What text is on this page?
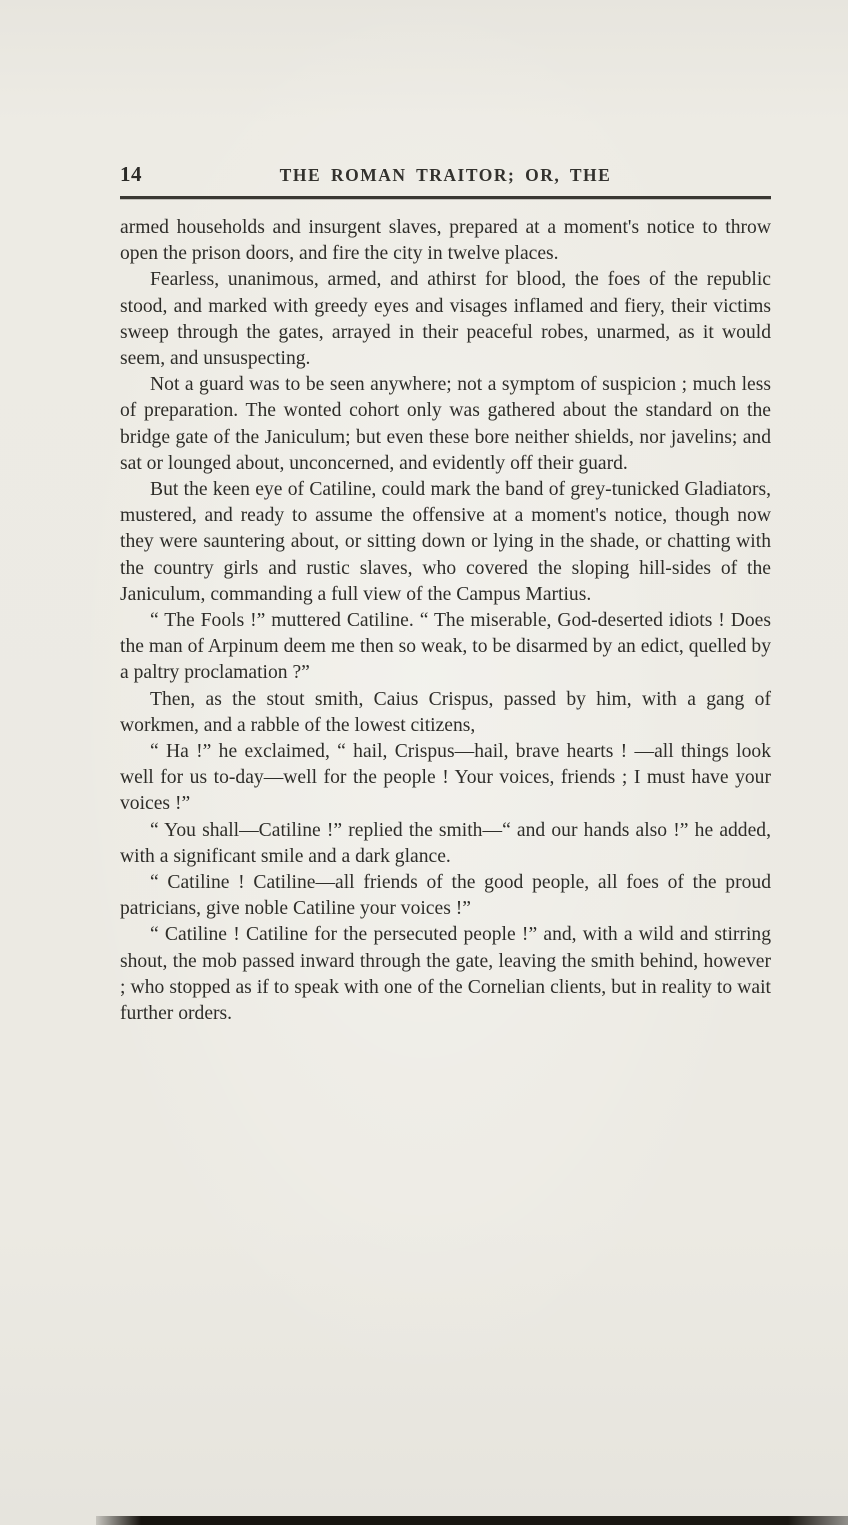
14	THE ROMAN TRAITOR; OR, THE

armed households and insurgent slaves, prepared at a moment's notice to throw open the prison doors, and fire the city in twelve places.

Fearless, unanimous, armed, and athirst for blood, the foes of the republic stood, and marked with greedy eyes and visages inflamed and fiery, their victims sweep through the gates, arrayed in their peaceful robes, unarmed, as it would seem, and unsuspecting.

Not a guard was to be seen anywhere; not a symptom of suspicion ; much less of preparation. The wonted cohort only was gathered about the standard on the bridge gate of the Janiculum; but even these bore neither shields, nor javelins; and sat or lounged about, unconcerned, and evidently off their guard.

But the keen eye of Catiline, could mark the band of grey-tunicked Gladiators, mustered, and ready to assume the offensive at a moment's notice, though now they were sauntering about, or sitting down or lying in the shade, or chatting with the country girls and rustic slaves, who covered the sloping hill-sides of the Janiculum, commanding a full view of the Campus Martius.

“ The Fools !” muttered Catiline. “ The miserable, God-deserted idiots ! Does the man of Arpinum deem me then so weak, to be disarmed by an edict, quelled by a paltry proclamation ?”

Then, as the stout smith, Caius Crispus, passed by him, with a gang of workmen, and a rabble of the lowest citizens,

“ Ha !” he exclaimed, “ hail, Crispus—hail, brave hearts ! —all things look well for us to-day—well for the people ! Your voices, friends ; I must have your voices !”

“ You shall—Catiline !” replied the smith—“ and our hands also !” he added, with a significant smile and a dark glance.

“ Catiline ! Catiline—all friends of the good people, all foes of the proud patricians, give noble Catiline your voices !”

“ Catiline ! Catiline for the persecuted people !” and, with a wild and stirring shout, the mob passed inward through the gate, leaving the smith behind, however ; who stopped as if to speak with one of the Cornelian clients, but in reality to wait further orders.
